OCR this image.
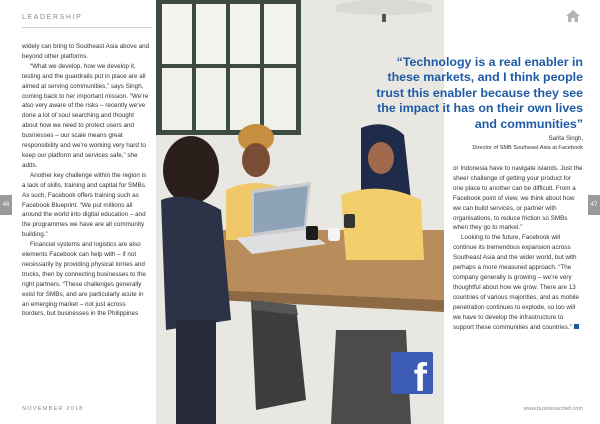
LEADERSHIP
46	47

widely can bring to Southeast Asia above and beyond other platforms.

“What we develop, how we develop it, testing and the guardrails put in place are all aimed at serving communities,” says Singh, coming back to her important mission. “We’re also very aware of the risks – recently we’ve done a lot of soul searching and thought about how we need to protect users and businesses – our scale means great responsibility and we’re working very hard to keep our platform and services safe,” she adds.

Another key challenge within the region is a lack of skills, training and capital for SMBs. As such, Facebook offers training such as Facebook Blueprint. “We put millions all around the world into digital education – and the programmes we have are all community building.”

Financial systems and logistics are also elements Facebook can help with – if not necessarily by providing physical lorries and trucks, then by connecting businesses to the right partners. “These challenges generally exist for SMBs, and are particularly acute in an emerging market – not just across borders, but businesses in the Philippines

“Technology is a real enabler in these markets, and I think people trust this enabler because they see the impact it has on their own lives and communities”
Sarita Singh,
Director of SMB Southeast Asia at Facebook

or Indonesia have to navigate islands. Just the sheer challenge of getting your product for one place to another can be difficult. From a Facebook point of view, we think about how we can build services, or partner with organisations, to reduce friction so SMBs when they go to market.”

Looking to the future, Facebook will continue its tremendous expansion across Southeast Asia and the wider world, but with perhaps a more measured approach. “The company generally is growing – we’re very thoughtful about how we grow. There are 13 countries of various majorities, and as mobile penetration continues to explode, so too will we have to develop the infrastructure to support these communities and countries.”

f
NOVEMBER 2018	www.businesschief.com
